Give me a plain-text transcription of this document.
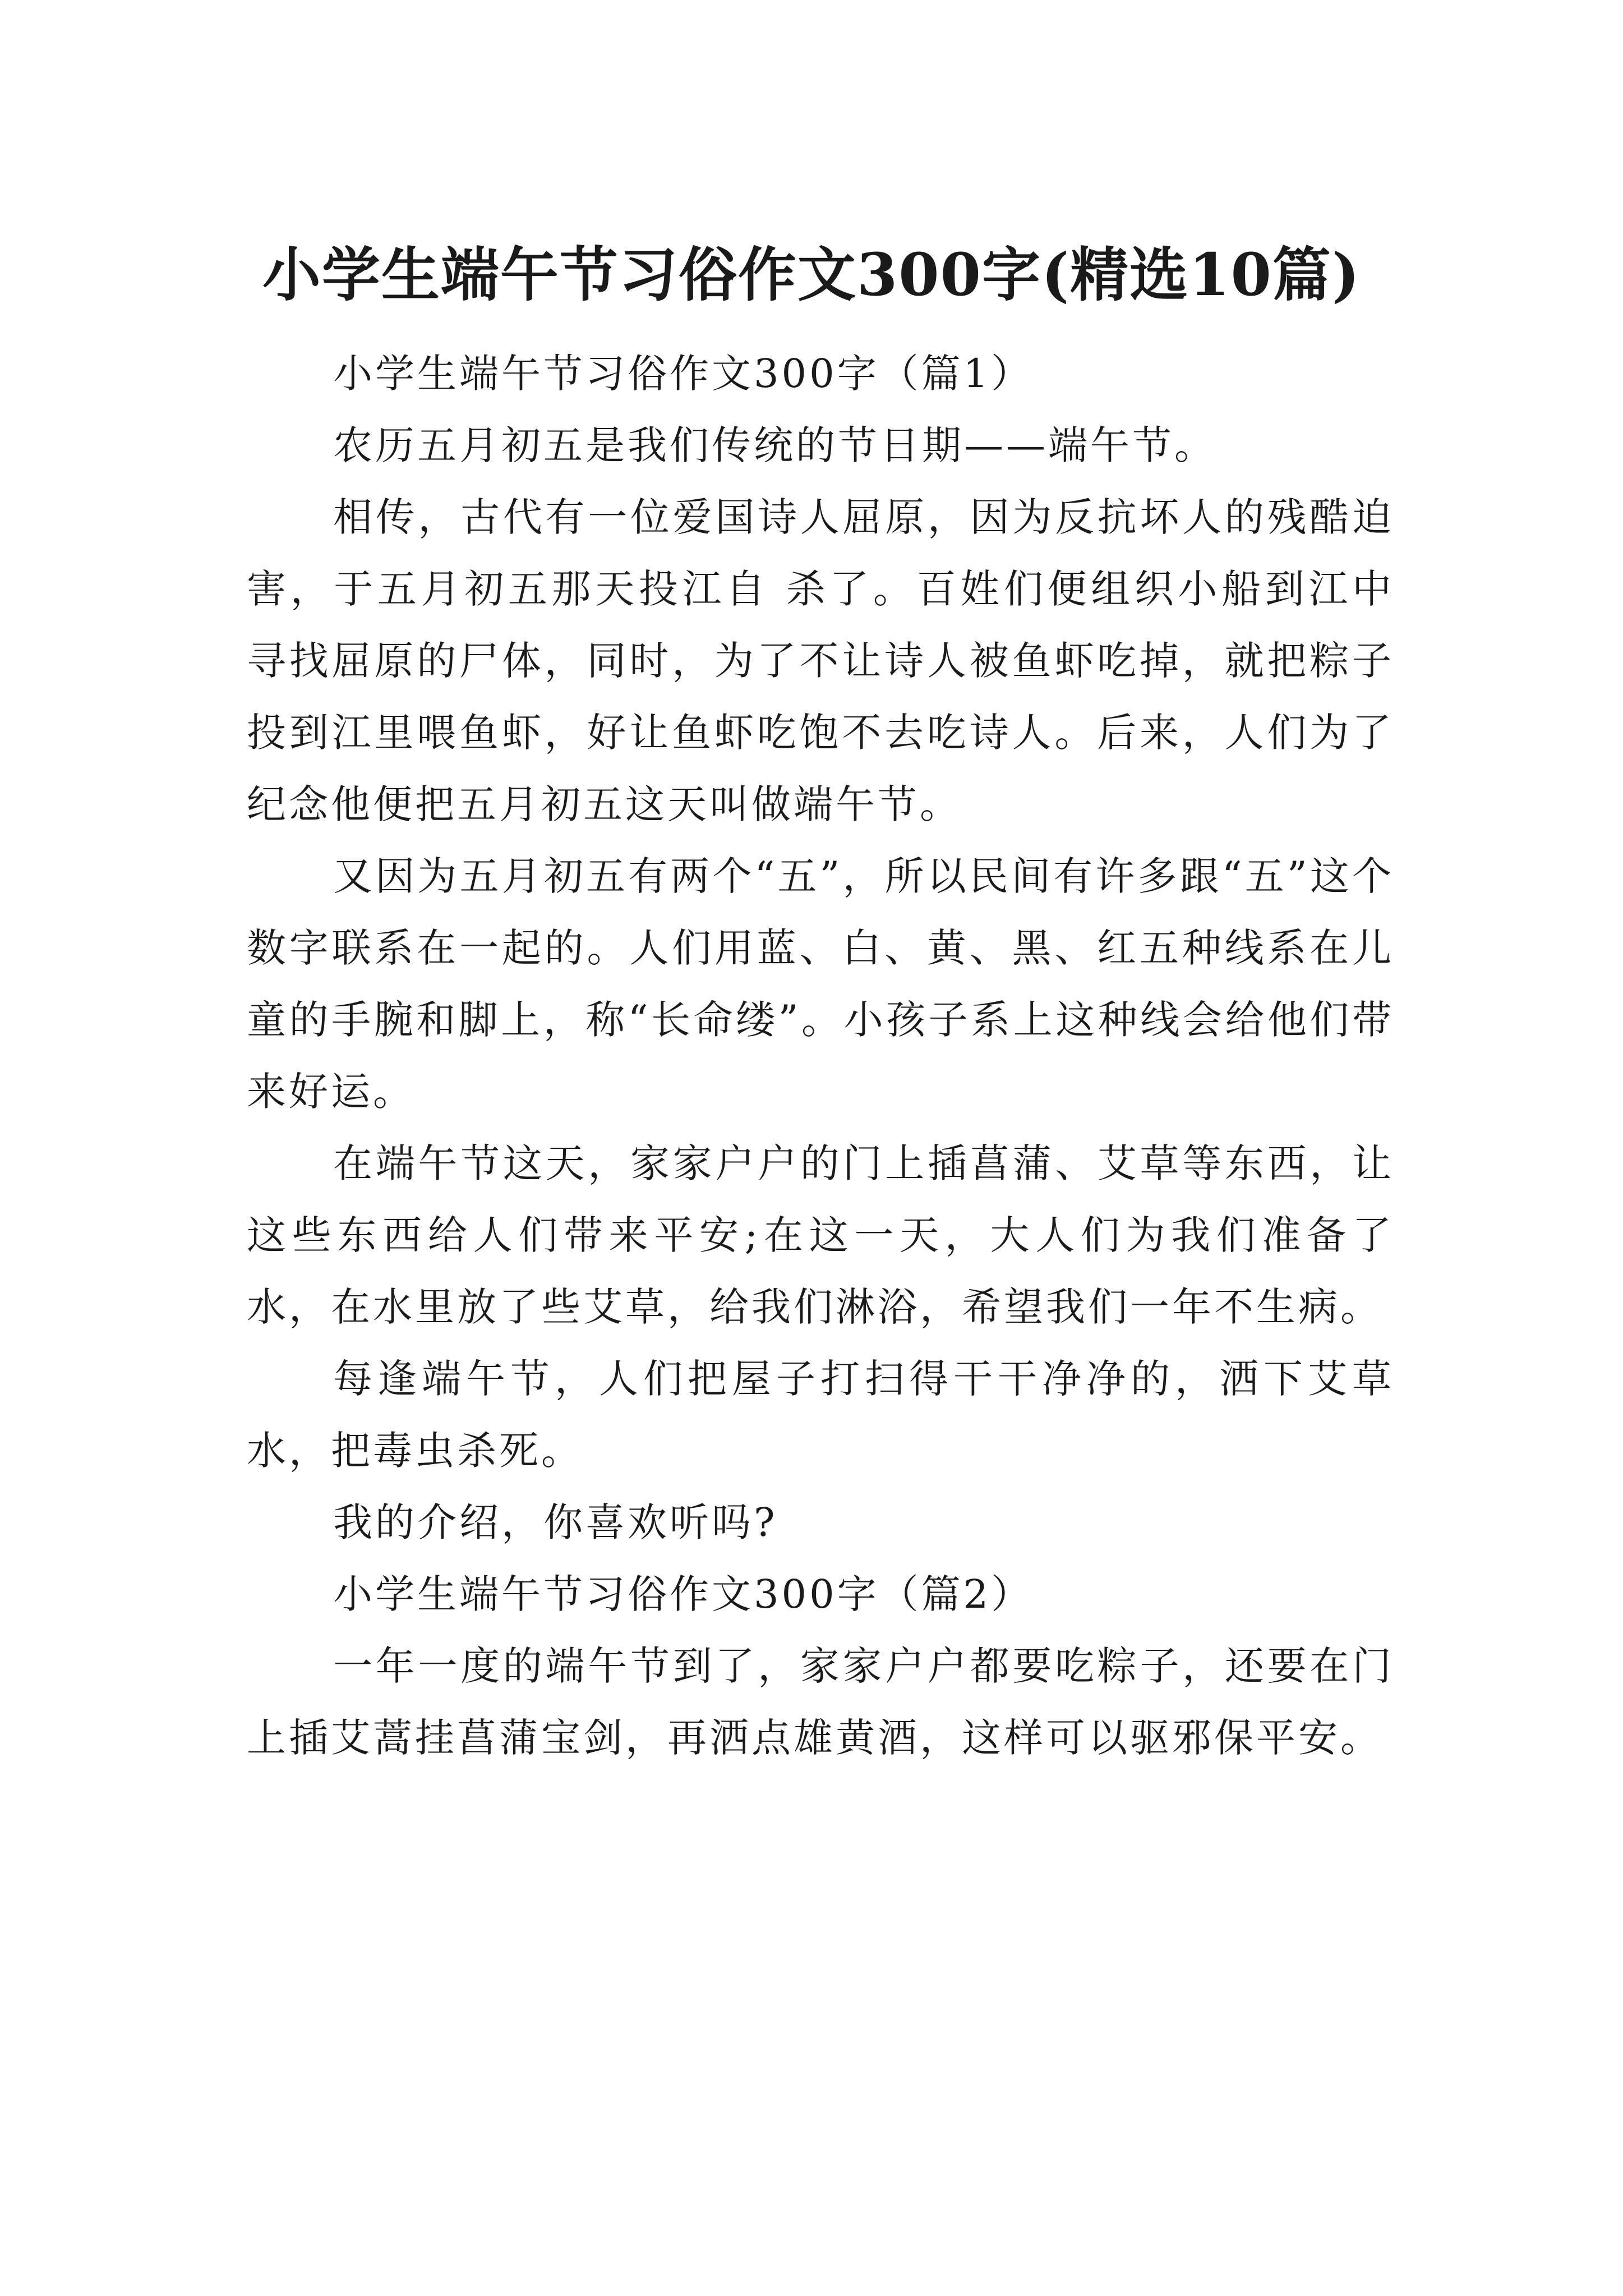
小学生端午节习俗作文300字(精选10篇)

小学生端午节习俗作文300字（篇1）

农历五月初五是我们传统的节日期——端午节。

相传，古代有一位爱国诗人屈原，因为反抗坏人的残酷迫 害，于五月初五那天投江自 杀了。百姓们便组织小船到江中寻找屈原的尸体，同时，为了不让诗人被鱼虾吃掉，就把粽子投到江里喂鱼虾，好让鱼虾吃饱不去吃诗人。后来，人们为了纪念他便把五月初五这天叫做端午节。

又因为五月初五有两个“五”，所以民间有许多跟“五”这个数字联系在一起的。人们用蓝、白、黄、黑、红五种线系在儿童的手腕和脚上，称“长命缕”。小孩子系上这种线会给他们带来好运。

在端午节这天，家家户户的门上插菖蒲、艾草等东西，让这些东西给人们带来平安;在这一天，大人们为我们准备了水，在水里放了些艾草，给我们淋浴，希望我们一年不生病。

每逢端午节，人们把屋子打扫得干干净净的，洒下艾草水，把毒虫杀死。

我的介绍，你喜欢听吗?

小学生端午节习俗作文300字（篇2）

一年一度的端午节到了，家家户户都要吃粽子，还要在门上插艾蒿挂菖蒲宝剑，再洒点雄黄酒，这样可以驱邪保平安。
